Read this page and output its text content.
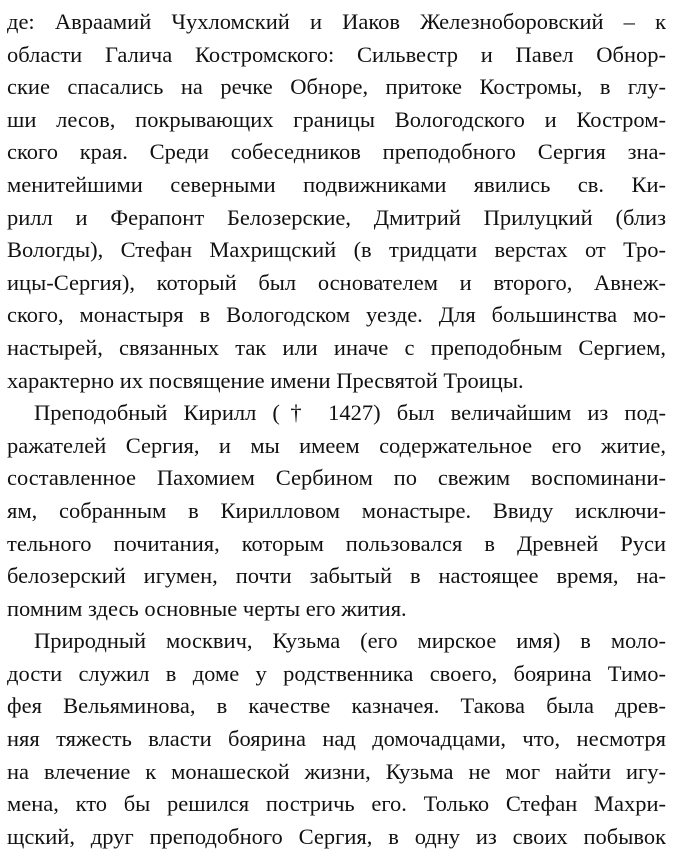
де: Авраамий Чухломский и Иаков Железноборовский – к
области Галича Костромского: Сильвестр и Павел Обнор-
ские спасались на речке Обноре, притоке Костромы, в глу-
ши лесов, покрывающих границы Вологодского и Костром-
ского края. Среди собеседников преподобного Сергия зна-
менитейшими северными подвижниками явились св. Ки-
рилл и Ферапонт Белозерские, Дмитрий Прилуцкий (близ
Вологды), Стефан Махрищский (в тридцати верстах от Тро-
ицы-Сергия), который был основателем и второго, Авнеж-
ского, монастыря в Вологодском уезде. Для большинства мо-
настырей, связанных так или иначе с преподобным Сергием,
характерно их посвящение имени Пресвятой Троицы.
Преподобный Кирилл († 1427) был величайшим из под-
ражателей Сергия, и мы имеем содержательное его житие,
составленное Пахомием Сербином по свежим воспоминани-
ям, собранным в Кирилловом монастыре. Ввиду исключи-
тельного почитания, которым пользовался в Древней Руси
белозерский игумен, почти забытый в настоящее время, на-
помним здесь основные черты его жития.
Природный москвич, Кузьма (его мирское имя) в моло-
дости служил в доме у родственника своего, боярина Тимо-
фея Вельяминова, в качестве казначея. Такова была древ-
няя тяжесть власти боярина над домочадцами, что, несмотря
на влечение к монашеской жизни, Кузьма не мог найти игу-
мена, кто бы решился постричь его. Только Стефан Махри-
щский, друг преподобного Сергия, в одну из своих побывок
